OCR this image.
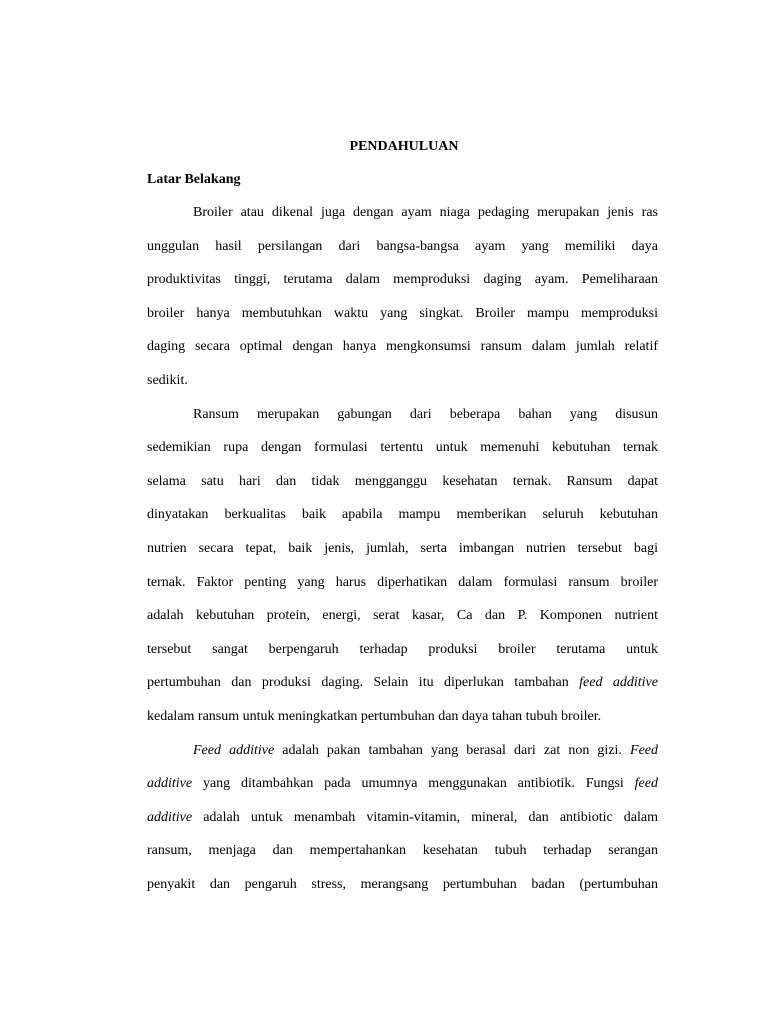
PENDAHULUAN
Latar Belakang
Broiler atau dikenal juga dengan ayam niaga pedaging merupakan jenis ras
unggulan hasil persilangan dari bangsa-bangsa ayam yang memiliki daya
produktivitas tinggi, terutama dalam memproduksi daging ayam. Pemeliharaan
broiler hanya membutuhkan waktu yang singkat. Broiler mampu memproduksi
daging secara optimal dengan hanya mengkonsumsi ransum dalam jumlah relatif
sedikit.
Ransum merupakan gabungan dari beberapa bahan yang disusun
sedemikian rupa dengan formulasi tertentu untuk memenuhi kebutuhan ternak
selama satu hari dan tidak mengganggu kesehatan ternak. Ransum dapat
dinyatakan berkualitas baik apabila mampu memberikan seluruh kebutuhan
nutrien secara tepat, baik jenis, jumlah, serta imbangan nutrien tersebut bagi
ternak. Faktor penting yang harus diperhatikan dalam formulasi ransum broiler
adalah kebutuhan protein, energi, serat kasar, Ca dan P. Komponen nutrient
tersebut sangat berpengaruh terhadap produksi broiler terutama untuk
pertumbuhan dan produksi daging. Selain itu diperlukan tambahan feed additive
kedalam ransum untuk meningkatkan pertumbuhan dan daya tahan tubuh broiler.
Feed additive adalah pakan tambahan yang berasal dari zat non gizi. Feed
additive yang ditambahkan pada umumnya menggunakan antibiotik. Fungsi feed
additive adalah untuk menambah vitamin-vitamin, mineral, dan antibiotic dalam
ransum, menjaga dan mempertahankan kesehatan tubuh terhadap serangan
penyakit dan pengaruh stress, merangsang pertumbuhan badan (pertumbuhan
